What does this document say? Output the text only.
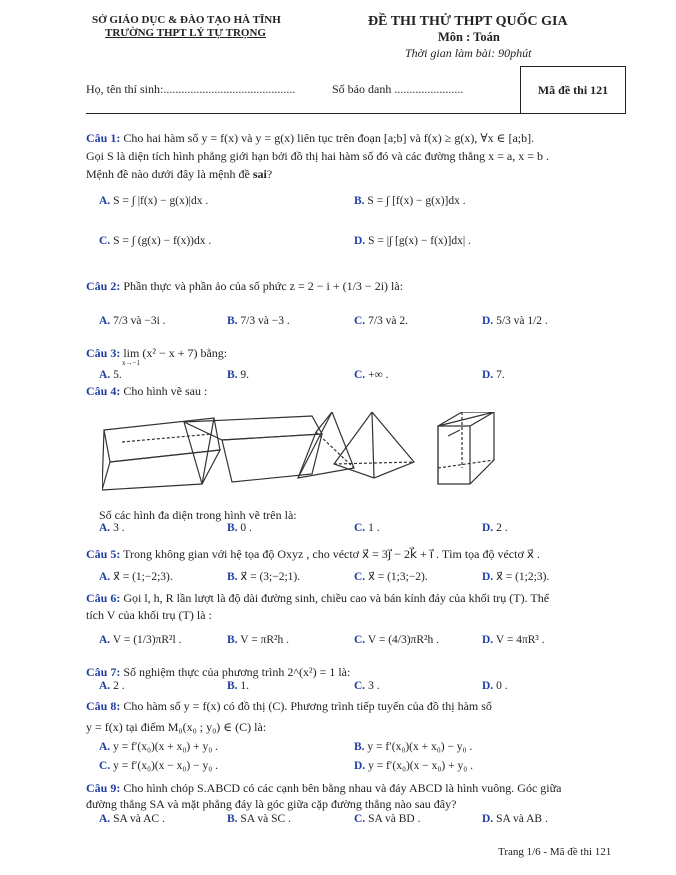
SỞ GIÁO DỤC & ĐÀO TẠO HÀ TĨNH
TRƯỜNG THPT LÝ TỰ TRỌNG
ĐỀ THI THỬ THPT QUỐC GIA
Môn : Toán
Thời gian làm bài: 90phút
Họ, tên thí sinh:............................................	Số báo danh .......................	Mã đề thi 121
Câu 1: Cho hai hàm số y = f(x) và y = g(x) liên tục trên đoạn [a;b] và f(x) ≥ g(x), ∀x ∈ [a;b].
Gọi S là diện tích hình phẳng giới hạn bởi đồ thị hai hàm số đó và các đường thẳng x = a, x = b .
Mệnh đề nào dưới đây là mệnh đề sai?
A. S = ∫ |f(x) − g(x)|dx .	B. S = ∫ [f(x) − g(x)]dx .
C. S = ∫ (g(x) − f(x))dx .	D. S = |∫ [g(x) − f(x)]dx| .
Câu 2: Phần thực và phần ảo của số phức z = 2 − i + (1/3 − 2i) là:
A. 7/3 và −3i .	B. 7/3 và −3 .	C. 7/3 và 2.	D. 5/3 và 1/2 .
Câu 3: lim (x² − x + 7) bằng:
x→−1
A. 5.	B. 9.	C. +∞ .	D. 7.
Câu 4: Cho hình vẽ sau :
Số các hình đa diện trong hình vẽ trên là:
A. 3 .	B. 0 .	C. 1 .	D. 2 .
Câu 5: Trong không gian với hệ tọa độ Oxyz , cho véctơ x⃗ = 3j⃗ − 2k⃗ + i⃗ . Tìm tọa độ véctơ x⃗ .
A. x⃗ = (1;−2;3).	B. x⃗ = (3;−2;1).	C. x⃗ = (1;3;−2).	D. x⃗ = (1;2;3).
Câu 6: Gọi l, h, R lần lượt là độ dài đường sinh, chiều cao và bán kính đáy của khối trụ (T). Thể
tích V của khối trụ (T) là :
A. V = (1/3)πR²l .	B. V = πR²h .	C. V = (4/3)πR²h .	D. V = 4πR³ .
Câu 7: Số nghiệm thực của phương trình 2^(x²) = 1 là:
A. 2 .	B. 1.	C. 3 .	D. 0 .
Câu 8: Cho hàm số y = f(x) có đồ thị (C). Phương trình tiếp tuyến của đồ thị hàm số
y = f(x) tại điểm M₀(x₀ ; y₀) ∈ (C) là:
A. y = f′(x₀)(x + x₀) + y₀ .	B. y = f′(x₀)(x + x₀) − y₀ .
C. y = f′(x₀)(x − x₀) − y₀ .	D. y = f′(x₀)(x − x₀) + y₀ .
Câu 9: Cho hình chóp S.ABCD có các cạnh bên bằng nhau và đáy ABCD là hình vuông. Góc giữa
đường thẳng SA và mặt phẳng đáy là góc giữa cặp đường thẳng nào sau đây?
A. SA và AC .	B. SA và SC .	C. SA và BD .	D. SA và AB .
Trang 1/6 - Mã đề thi 121
